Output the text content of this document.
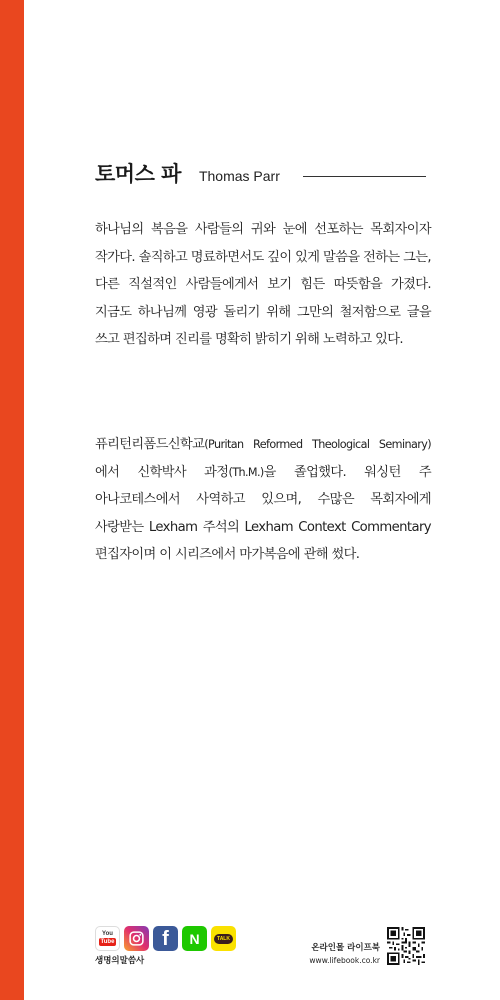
토머스 파 Thomas Parr
하나님의 복음을 사람들의 귀와 눈에 선포하는 목회자이자 작가다. 솔직하고 명료하면서도 깊이 있게 말씀을 전하는 그는, 다른 직설적인 사람들에게서 보기 힘든 따뜻함을 가졌다. 지금도 하나님께 영광 돌리기 위해 그만의 철저함으로 글을 쓰고 편집하며 진리를 명확히 밝히기 위해 노력하고 있다.
퓨리턴리폼드신학교(Puritan Reformed Theological Seminary)에서 신학박사 과정(Th.M.)을 졸업했다. 워싱턴 주 아나코테스에서 사역하고 있으며, 수많은 목회자에게 사랑받는 Lexham 주석의 Lexham Context Commentary 편집자이며 이 시리즈에서 마가복음에 관해 썼다.
You
Tube f N	TALK
생명의말씀사
온라인몰 라이프북
www.lifebook.co.kr
